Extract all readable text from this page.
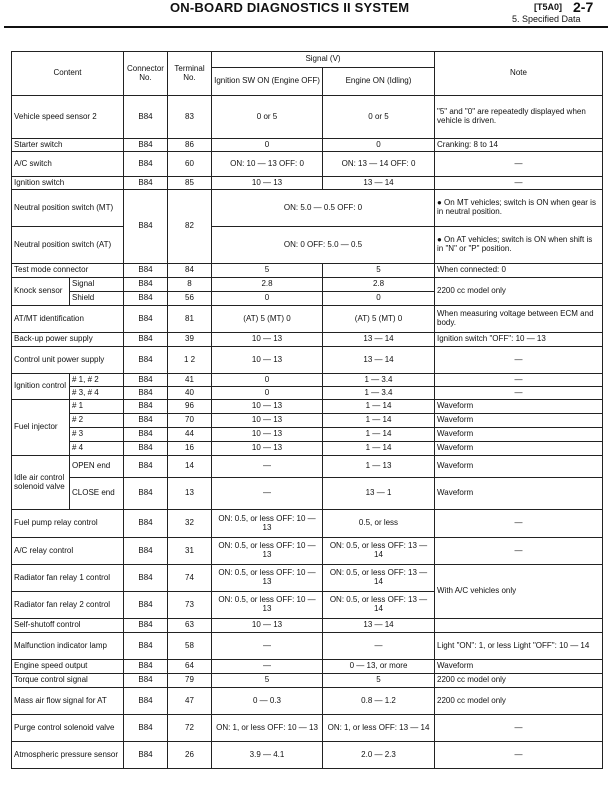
ON-BOARD DIAGNOSTICS II SYSTEM	[T5A0] 2-7
5. Specified Data
Content		Connector No.	Terminal No.	Signal (V)		Note
				Ignition SW ON (Engine OFF)	Engine ON (Idling)	
Vehicle speed sensor 2		B84	83	0 or 5	0 or 5	"5" and "0" are repeatedly displayed when vehicle is driven.
Starter switch		B84	86	0	0	Cranking: 8 to 14
A/C switch		B84	60	ON: 10 — 13 OFF: 0	ON: 13 — 14 OFF: 0	—
Ignition switch		B84	85	10 — 13	13 — 14	—
Neutral position switch (MT)		B84	82	ON: 5.0 — 0.5 OFF: 0		● On MT vehicles; switch is ON when gear is in neutral position.
Neutral position switch (AT)				ON: 0 OFF: 5.0 — 0.5		● On AT vehicles; switch is ON when shift is in "N" or "P" position.
Test mode connector		B84	84	5	5	When connected: 0
Knock sensor	Signal	B84	8	2.8	2.8	2200 cc model only
	Shield	B84	56	0	0	
AT/MT identification		B84	81	(AT) 5 (MT) 0	(AT) 5 (MT) 0	When measuring voltage between ECM and body.
Back-up power supply		B84	39	10 — 13	13 — 14	Ignition switch "OFF": 10 — 13
Control unit power supply		B84	1 2	10 — 13	13 — 14	—
Ignition control	# 1, # 2	B84	41	0	1 — 3.4	—
	# 3, # 4	B84	40	0	1 — 3.4	—
Fuel injector	# 1	B84	96	10 — 13	1 — 14	Waveform
	# 2	B84	70	10 — 13	1 — 14	Waveform
	# 3	B84	44	10 — 13	1 — 14	Waveform
	# 4	B84	16	10 — 13	1 — 14	Waveform
Idle air control solenoid valve	OPEN end	B84	14	—	1 — 13	Waveform
	CLOSE end	B84	13	—	13 — 1	Waveform
Fuel pump relay control		B84	32	ON: 0.5, or less OFF: 10 — 13	0.5, or less	—
A/C relay control		B84	31	ON: 0.5, or less OFF: 10 — 13	ON: 0.5, or less OFF: 13 — 14	—
Radiator fan relay 1 control		B84	74	ON: 0.5, or less OFF: 10 — 13	ON: 0.5, or less OFF: 13 — 14	With A/C vehicles only
Radiator fan relay 2 control		B84	73	ON: 0.5, or less OFF: 10 — 13	ON: 0.5, or less OFF: 13 — 14	
Self-shutoff control		B84	63	10 — 13	13 — 14	
Malfunction indicator lamp		B84	58	—	—	Light "ON": 1, or less Light "OFF": 10 — 14
Engine speed output		B84	64	—	0 — 13, or more	Waveform
Torque control signal		B84	79	5	5	2200 cc model only
Mass air flow signal for AT		B84	47	0 — 0.3	0.8 — 1.2	2200 cc model only
Purge control solenoid valve		B84	72	ON: 1, or less OFF: 10 — 13	ON: 1, or less OFF: 13 — 14	—
Atmospheric pressure sensor		B84	26	3.9 — 4.1	2.0 — 2.3	—
